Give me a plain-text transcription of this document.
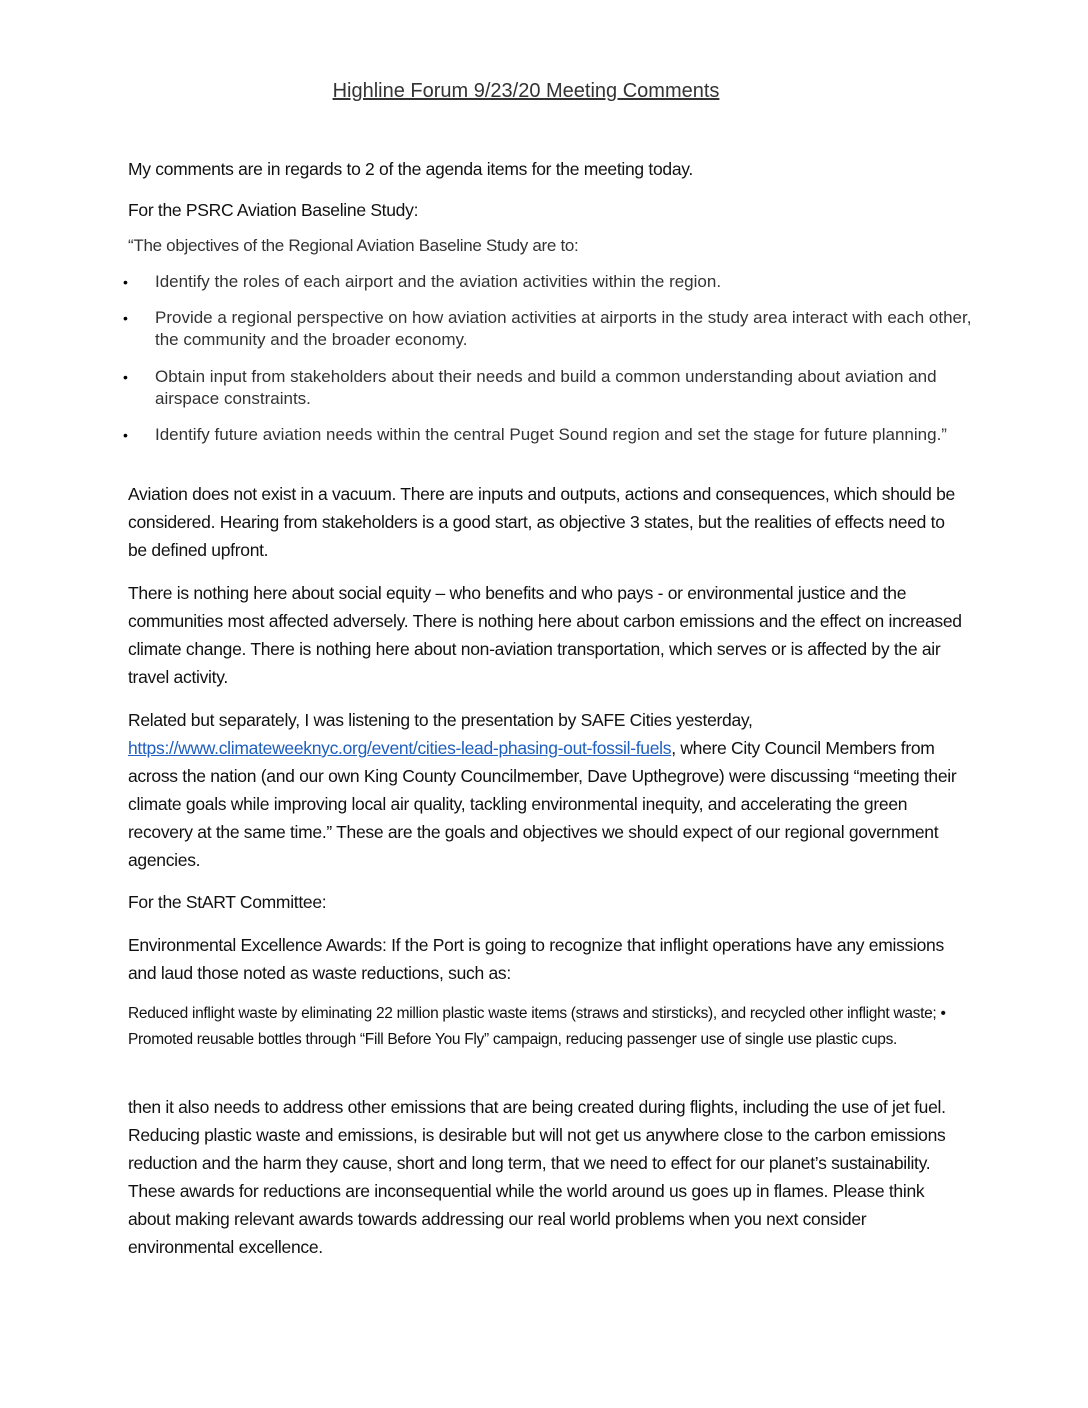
Highline Forum 9/23/20 Meeting Comments
My comments are in regards to 2 of the agenda items for the meeting today.
For the PSRC Aviation Baseline Study:
“The objectives of the Regional Aviation Baseline Study are to:
• Identify the roles of each airport and the aviation activities within the region.
• Provide a regional perspective on how aviation activities at airports in the study area interact with each other, the community and the broader economy.
• Obtain input from stakeholders about their needs and build a common understanding about aviation and airspace constraints.
• Identify future aviation needs within the central Puget Sound region and set the stage for future planning.”
Aviation does not exist in a vacuum. There are inputs and outputs, actions and consequences, which should be considered. Hearing from stakeholders is a good start, as objective 3 states, but the realities of effects need to be defined upfront.
There is nothing here about social equity – who benefits and who pays - or environmental justice and the communities most affected adversely. There is nothing here about carbon emissions and the effect on increased climate change. There is nothing here about non-aviation transportation, which serves or is affected by the air travel activity.
Related but separately, I was listening to the presentation by SAFE Cities yesterday, https://www.climateweeknyc.org/event/cities-lead-phasing-out-fossil-fuels, where City Council Members from across the nation (and our own King County Councilmember, Dave Upthegrove) were discussing “meeting their climate goals while improving local air quality, tackling environmental inequity, and accelerating the green recovery at the same time.” These are the goals and objectives we should expect of our regional government agencies.
For the StART Committee:
Environmental Excellence Awards: If the Port is going to recognize that inflight operations have any emissions and laud those noted as waste reductions, such as:
Reduced inflight waste by eliminating 22 million plastic waste items (straws and stirsticks), and recycled other inflight waste; • Promoted reusable bottles through “Fill Before You Fly” campaign, reducing passenger use of single use plastic cups.
then it also needs to address other emissions that are being created during flights, including the use of jet fuel. Reducing plastic waste and emissions, is desirable but will not get us anywhere close to the carbon emissions reduction and the harm they cause, short and long term, that we need to effect for our planet’s sustainability. These awards for reductions are inconsequential while the world around us goes up in flames. Please think about making relevant awards towards addressing our real world problems when you next consider environmental excellence.
